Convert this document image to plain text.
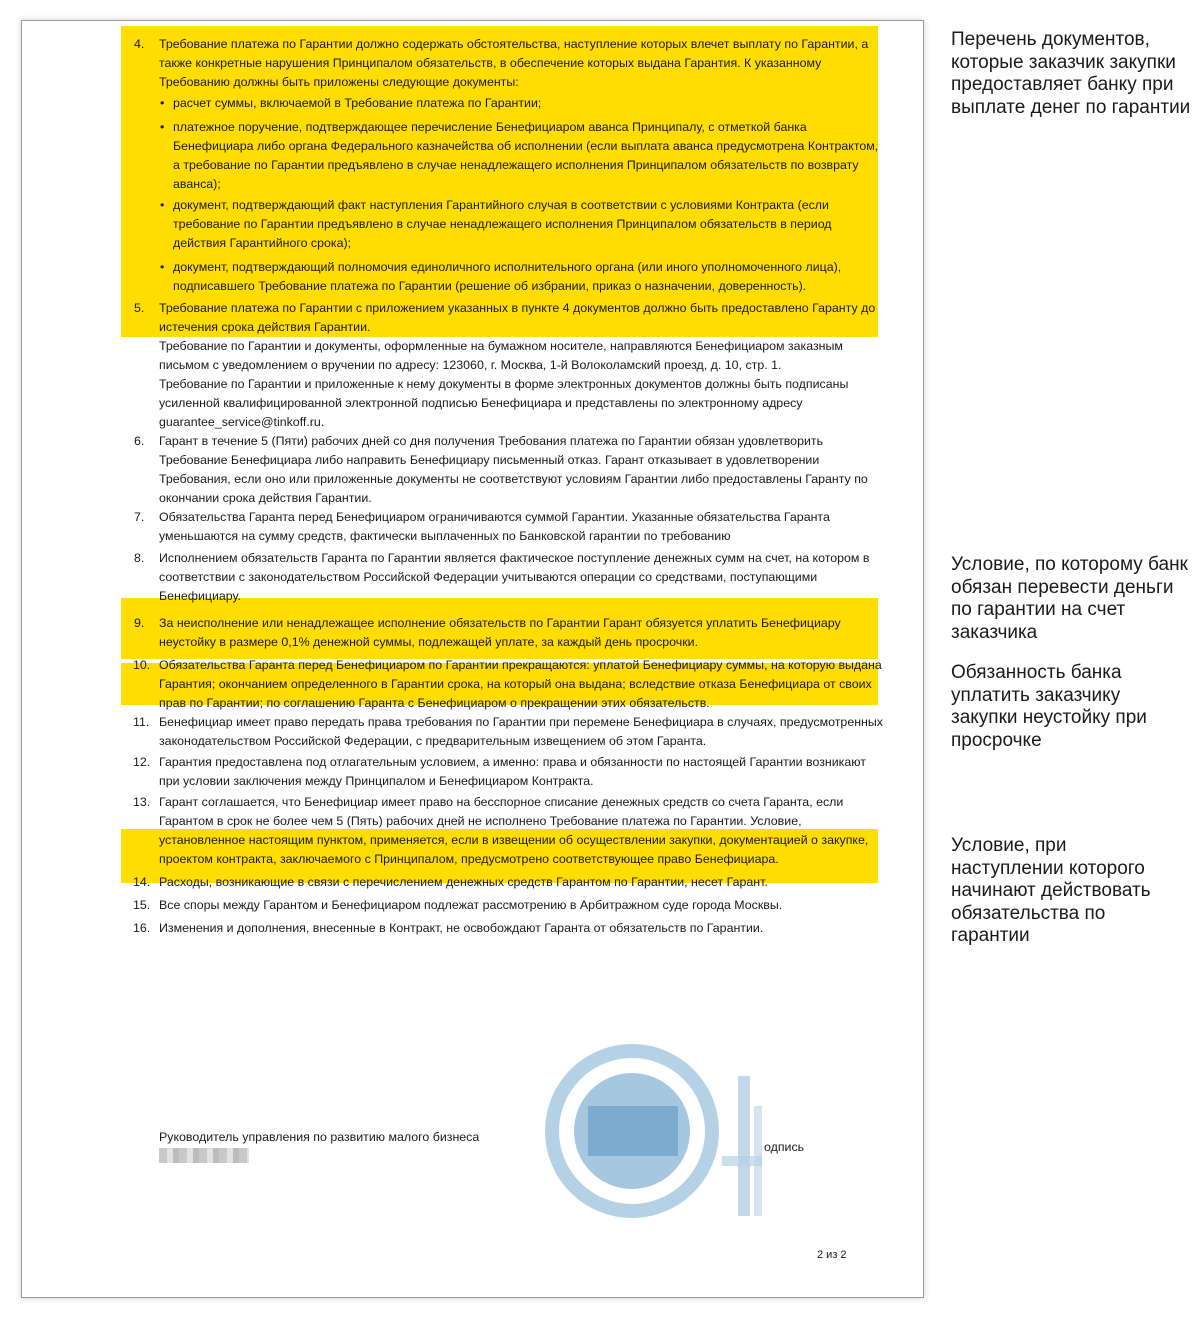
4.	Требование платежа по Гарантии должно содержать обстоятельства, наступление которых влечет выплату по Гарантии, а также конкретные нарушения Принципалом обязательств, в обеспечение которых выдана Гарантия. К указанному Требованию должны быть приложены следующие документы:
• расчет суммы, включаемой в Требование платежа по Гарантии;
• платежное поручение, подтверждающее перечисление Бенефициаром аванса Принципалу, с отметкой банка
Бенефициара либо органа Федерального казначейства об исполнении (если выплата аванса предусмотрена Контрактом, а требование по Гарантии предъявлено в случае ненадлежащего исполнения Принципалом обязательств по возврату аванса);
• документ, подтверждающий факт наступления Гарантийного случая в соответствии с условиями Контракта (если требование по Гарантии предъявлено в случае ненадлежащего исполнения Принципалом обязательств в период действия Гарантийного срока);
• документ, подтверждающий полномочия единоличного исполнительного органа (или иного уполномоченного лица), подписавшего Требование платежа по Гарантии (решение об избрании, приказ о назначении, доверенность).
5.	Требование платежа по Гарантии с приложением указанных в пункте 4 документов должно быть предоставлено Гаранту до истечения срока действия Гарантии.
Требование по Гарантии и документы, оформленные на бумажном носителе, направляются Бенефициаром заказным письмом с уведомлением о вручении по адресу: 123060, г. Москва, 1-й Волоколамский проезд, д. 10, стр. 1.
Требование по Гарантии и приложенные к нему документы в форме электронных документов должны быть подписаны усиленной квалифицированной электронной подписью Бенефициара и представлены по электронному адресу guarantee_service@tinkoff.ru.
6.	Гарант в течение 5 (Пяти) рабочих дней со дня получения Требования платежа по Гарантии обязан удовлетворить Требование Бенефициара либо направить Бенефициару письменный отказ. Гарант отказывает в удовлетворении Требования, если оно или приложенные документы не соответствуют условиям Гарантии либо предоставлены Гаранту по окончании срока действия Гарантии.
7.	Обязательства Гаранта перед Бенефициаром ограничиваются суммой Гарантии. Указанные обязательства Гаранта уменьшаются на сумму средств, фактически выплаченных по Банковской гарантии по требованию
8.	Исполнением обязательств Гаранта по Гарантии является фактическое поступление денежных сумм на счет, на котором в соответствии с законодательством Российской Федерации учитываются операции со средствами, поступающими Бенефициару.
9.	За неисполнение или ненадлежащее исполнение обязательств по Гарантии Гарант обязуется уплатить Бенефициару неустойку в размере 0,1% денежной суммы, подлежащей уплате, за каждый день просрочки.
10. Обязательства Гаранта перед Бенефициаром по Гарантии прекращаются: уплатой Бенефициару суммы, на которую выдана Гарантия; окончанием определенного в Гарантии срока, на который она выдана; вследствие отказа Бенефициара от своих прав по Гарантии; по соглашению Гаранта с Бенефициаром о прекращении этих обязательств.
11. Бенефициар имеет право передать права требования по Гарантии при перемене Бенефициара в случаях, предусмотренных законодательством Российской Федерации, с предварительным извещением об этом Гаранта.
12. Гарантия предоставлена под отлагательным условием, а именно: права и обязанности по настоящей Гарантии возникают при условии заключения между Принципалом и Бенефициаром Контракта.
13. Гарант соглашается, что Бенефициар имеет право на бесспорное списание денежных средств со счета Гаранта, если Гарантом в срок не более чем 5 (Пять) рабочих дней не исполнено Требование платежа по Гарантии. Условие, установленное настоящим пунктом, применяется, если в извещении об осуществлении закупки, документацией о закупке, проектом контракта, заключаемого с Принципалом, предусмотрено соответствующее право Бенефициара.
14. Расходы, возникающие в связи с перечислением денежных средств Гарантом по Гарантии, несет Гарант.
15. Все споры между Гарантом и Бенефициаром подлежат рассмотрению в Арбитражном суде города Москвы.
16. Изменения и дополнения, внесенные в Контракт, не освобождают Гаранта от обязательств по Гарантии.
Руководитель управления по развитию малого бизнеса
одпись
2 из 2
Перечень документов, которые заказчик закупки предоставляет банку при выплате денег по гарантии
Условие, по которому банк обязан перевести деньги по гарантии на счет заказчика
Обязанность банка уплатить заказчику закупки неустойку при просрочке
Условие, при наступлении которого начинают действовать обязательства по гарантии
